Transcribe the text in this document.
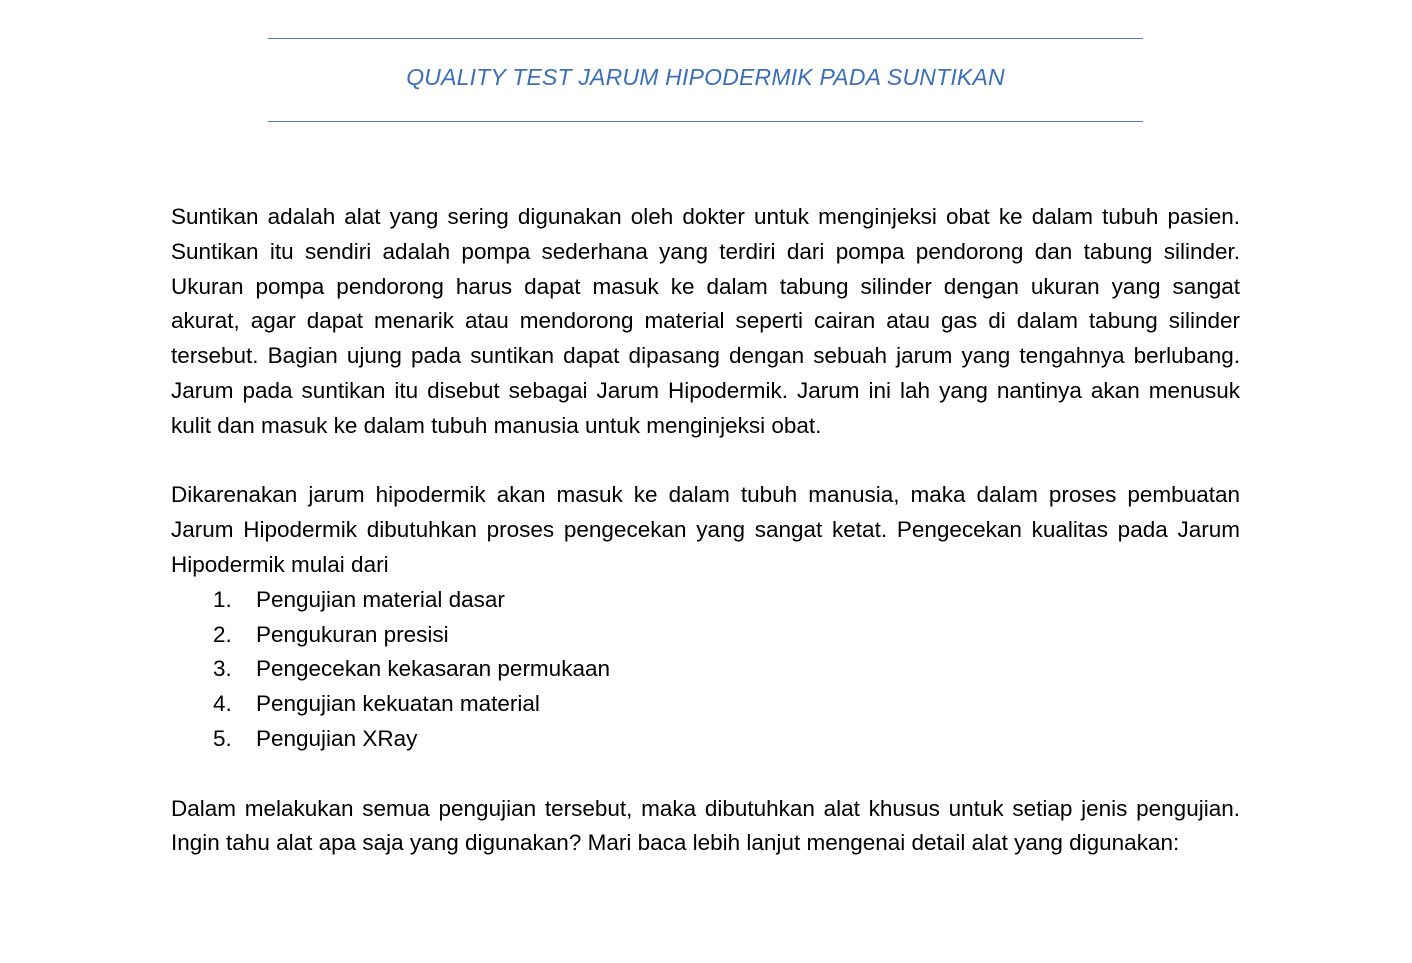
QUALITY TEST JARUM HIPODERMIK PADA SUNTIKAN

Suntikan adalah alat yang sering digunakan oleh dokter untuk menginjeksi obat ke dalam tubuh pasien. Suntikan itu sendiri adalah pompa sederhana yang terdiri dari pompa pendorong dan tabung silinder. Ukuran pompa pendorong harus dapat masuk ke dalam tabung silinder dengan ukuran yang sangat akurat, agar dapat menarik atau mendorong material seperti cairan atau gas di dalam tabung silinder tersebut. Bagian ujung pada suntikan dapat dipasang dengan sebuah jarum yang tengahnya berlubang. Jarum pada suntikan itu disebut sebagai Jarum Hipodermik. Jarum ini lah yang nantinya akan menusuk kulit dan masuk ke dalam tubuh manusia untuk menginjeksi obat.

Dikarenakan jarum hipodermik akan masuk ke dalam tubuh manusia, maka dalam proses pembuatan Jarum Hipodermik dibutuhkan proses pengecekan yang sangat ketat. Pengecekan kualitas pada Jarum Hipodermik mulai dari

1. Pengujian material dasar
2. Pengukuran presisi
3. Pengecekan kekasaran permukaan
4. Pengujian kekuatan material
5. Pengujian XRay

Dalam melakukan semua pengujian tersebut, maka dibutuhkan alat khusus untuk setiap jenis pengujian. Ingin tahu alat apa saja yang digunakan? Mari baca lebih lanjut mengenai detail alat yang digunakan:
